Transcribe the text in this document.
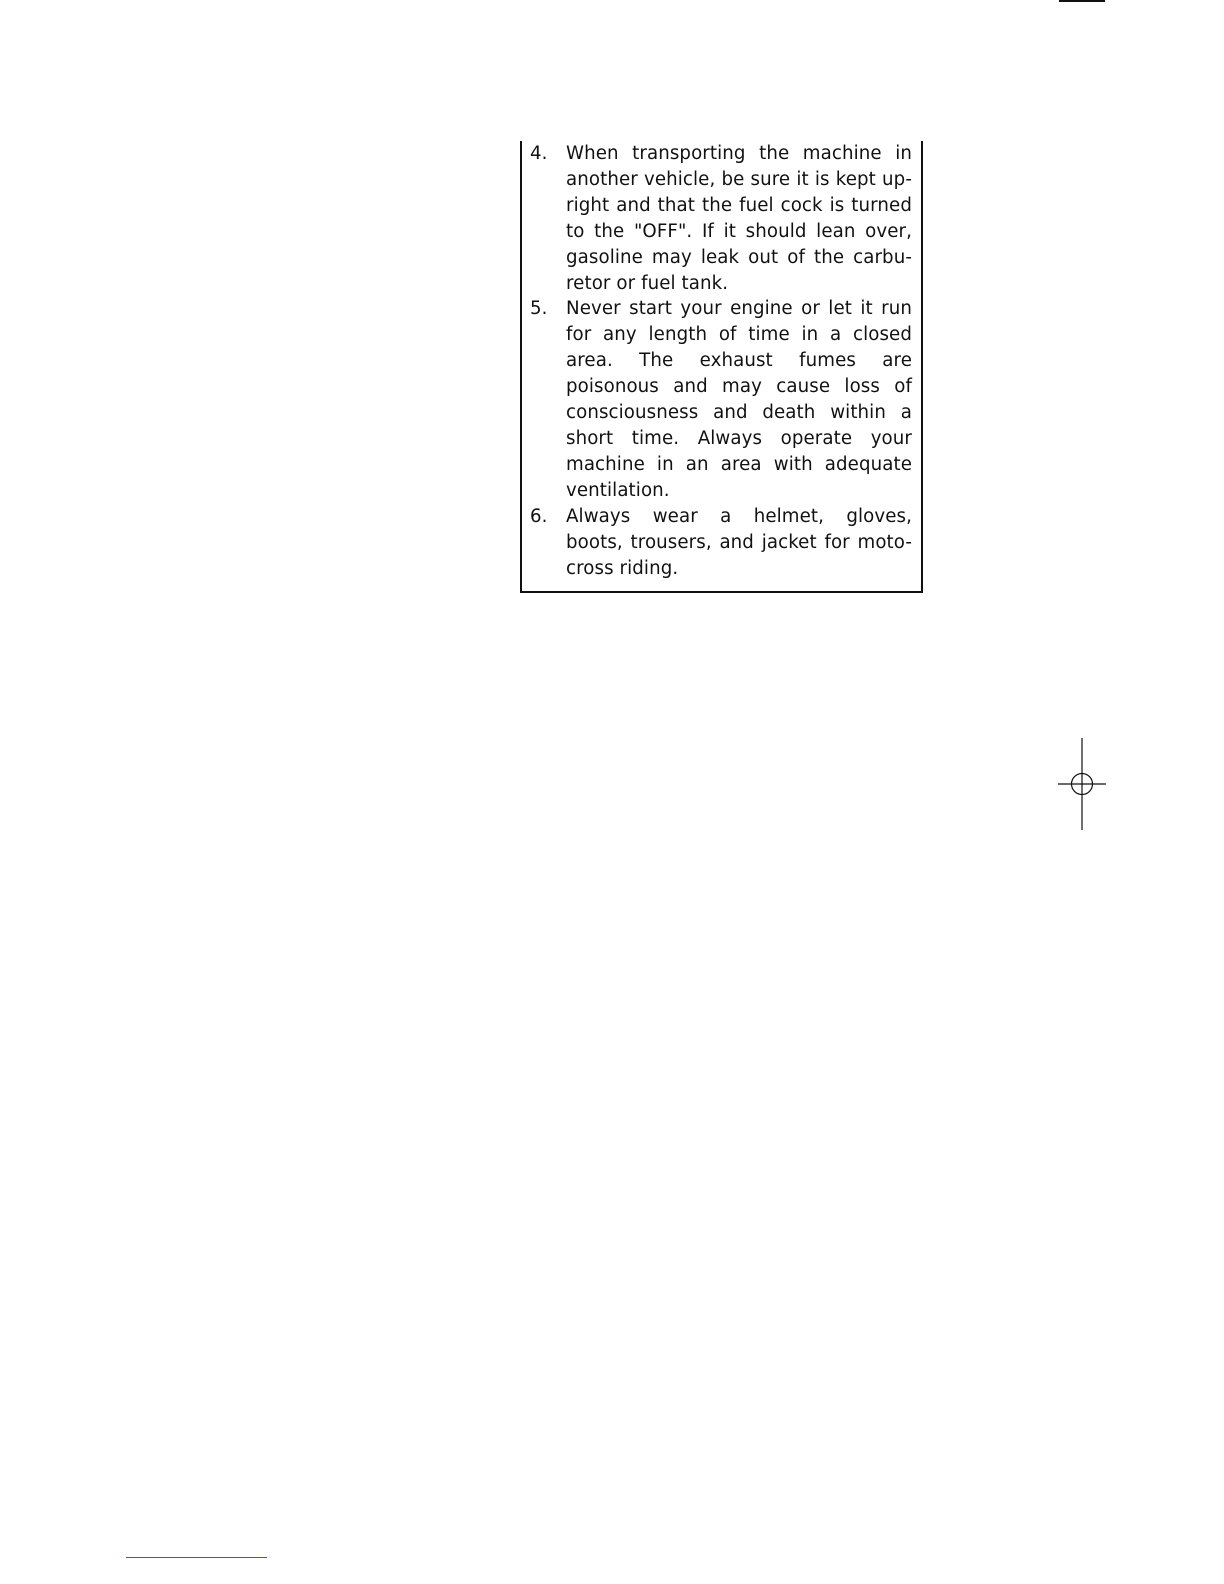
4.	When transporting the machine in
another vehicle, be sure it is kept up-
right and that the fuel cock is turned
to the "OFF". If it should lean over,
gasoline may leak out of the carbu-
retor or fuel tank.
5.	Never start your engine or let it run
for any length of time in a closed
area. The exhaust fumes are
poisonous and may cause loss of
consciousness and death within a
short time. Always operate your
machine in an area with adequate
ventilation.
6.	Always wear a helmet, gloves,
boots, trousers, and jacket for moto-
cross riding.
